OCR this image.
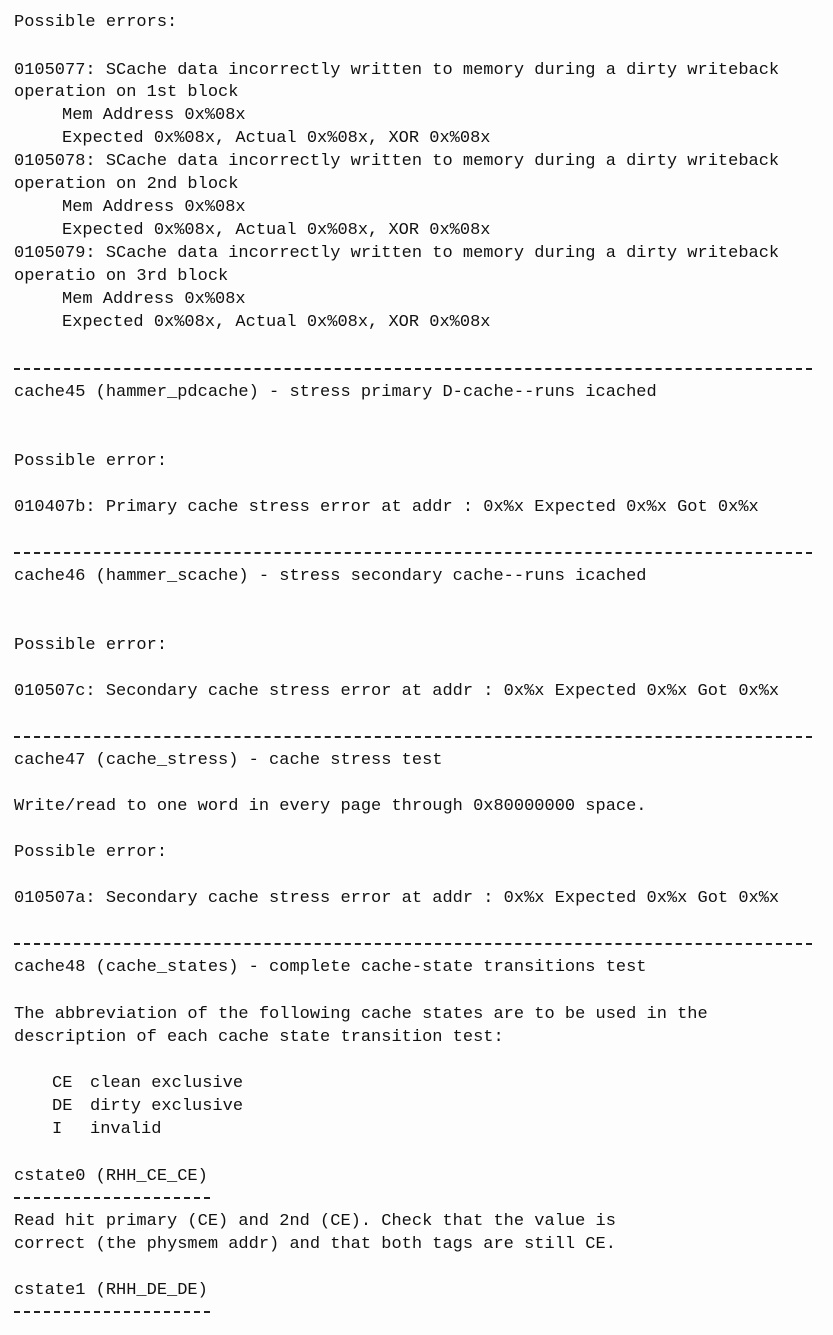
Possible errors:
0105077: SCache data incorrectly written to memory during a dirty writeback
operation on 1st block
Mem Address 0x%08x
Expected 0x%08x, Actual 0x%08x, XOR 0x%08x
0105078: SCache data incorrectly written to memory during a dirty writeback
operation on 2nd block
Mem Address 0x%08x
Expected 0x%08x, Actual 0x%08x, XOR 0x%08x
0105079: SCache data incorrectly written to memory during a dirty writeback
operatio on 3rd block
Mem Address 0x%08x
Expected 0x%08x, Actual 0x%08x, XOR 0x%08x
cache45 (hammer_pdcache) - stress primary D-cache--runs icached
Possible error:
010407b: Primary cache stress error at addr : 0x%x Expected 0x%x Got 0x%x
cache46 (hammer_scache) - stress secondary cache--runs icached
Possible error:
010507c: Secondary cache stress error at addr : 0x%x Expected 0x%x Got 0x%x
cache47 (cache_stress) - cache stress test
Write/read to one word in every page through 0x80000000 space.
Possible error:
010507a: Secondary cache stress error at addr : 0x%x Expected 0x%x Got 0x%x
cache48 (cache_states) - complete cache-state transitions test
The abbreviation of the following cache states are to be used in the
description of each cache state transition test:
CE clean exclusive
DE dirty exclusive
I invalid
cstate0 (RHH_CE_CE)
Read hit primary (CE) and 2nd (CE). Check that the value is
correct (the physmem addr) and that both tags are still CE.
cstate1 (RHH_DE_DE)
